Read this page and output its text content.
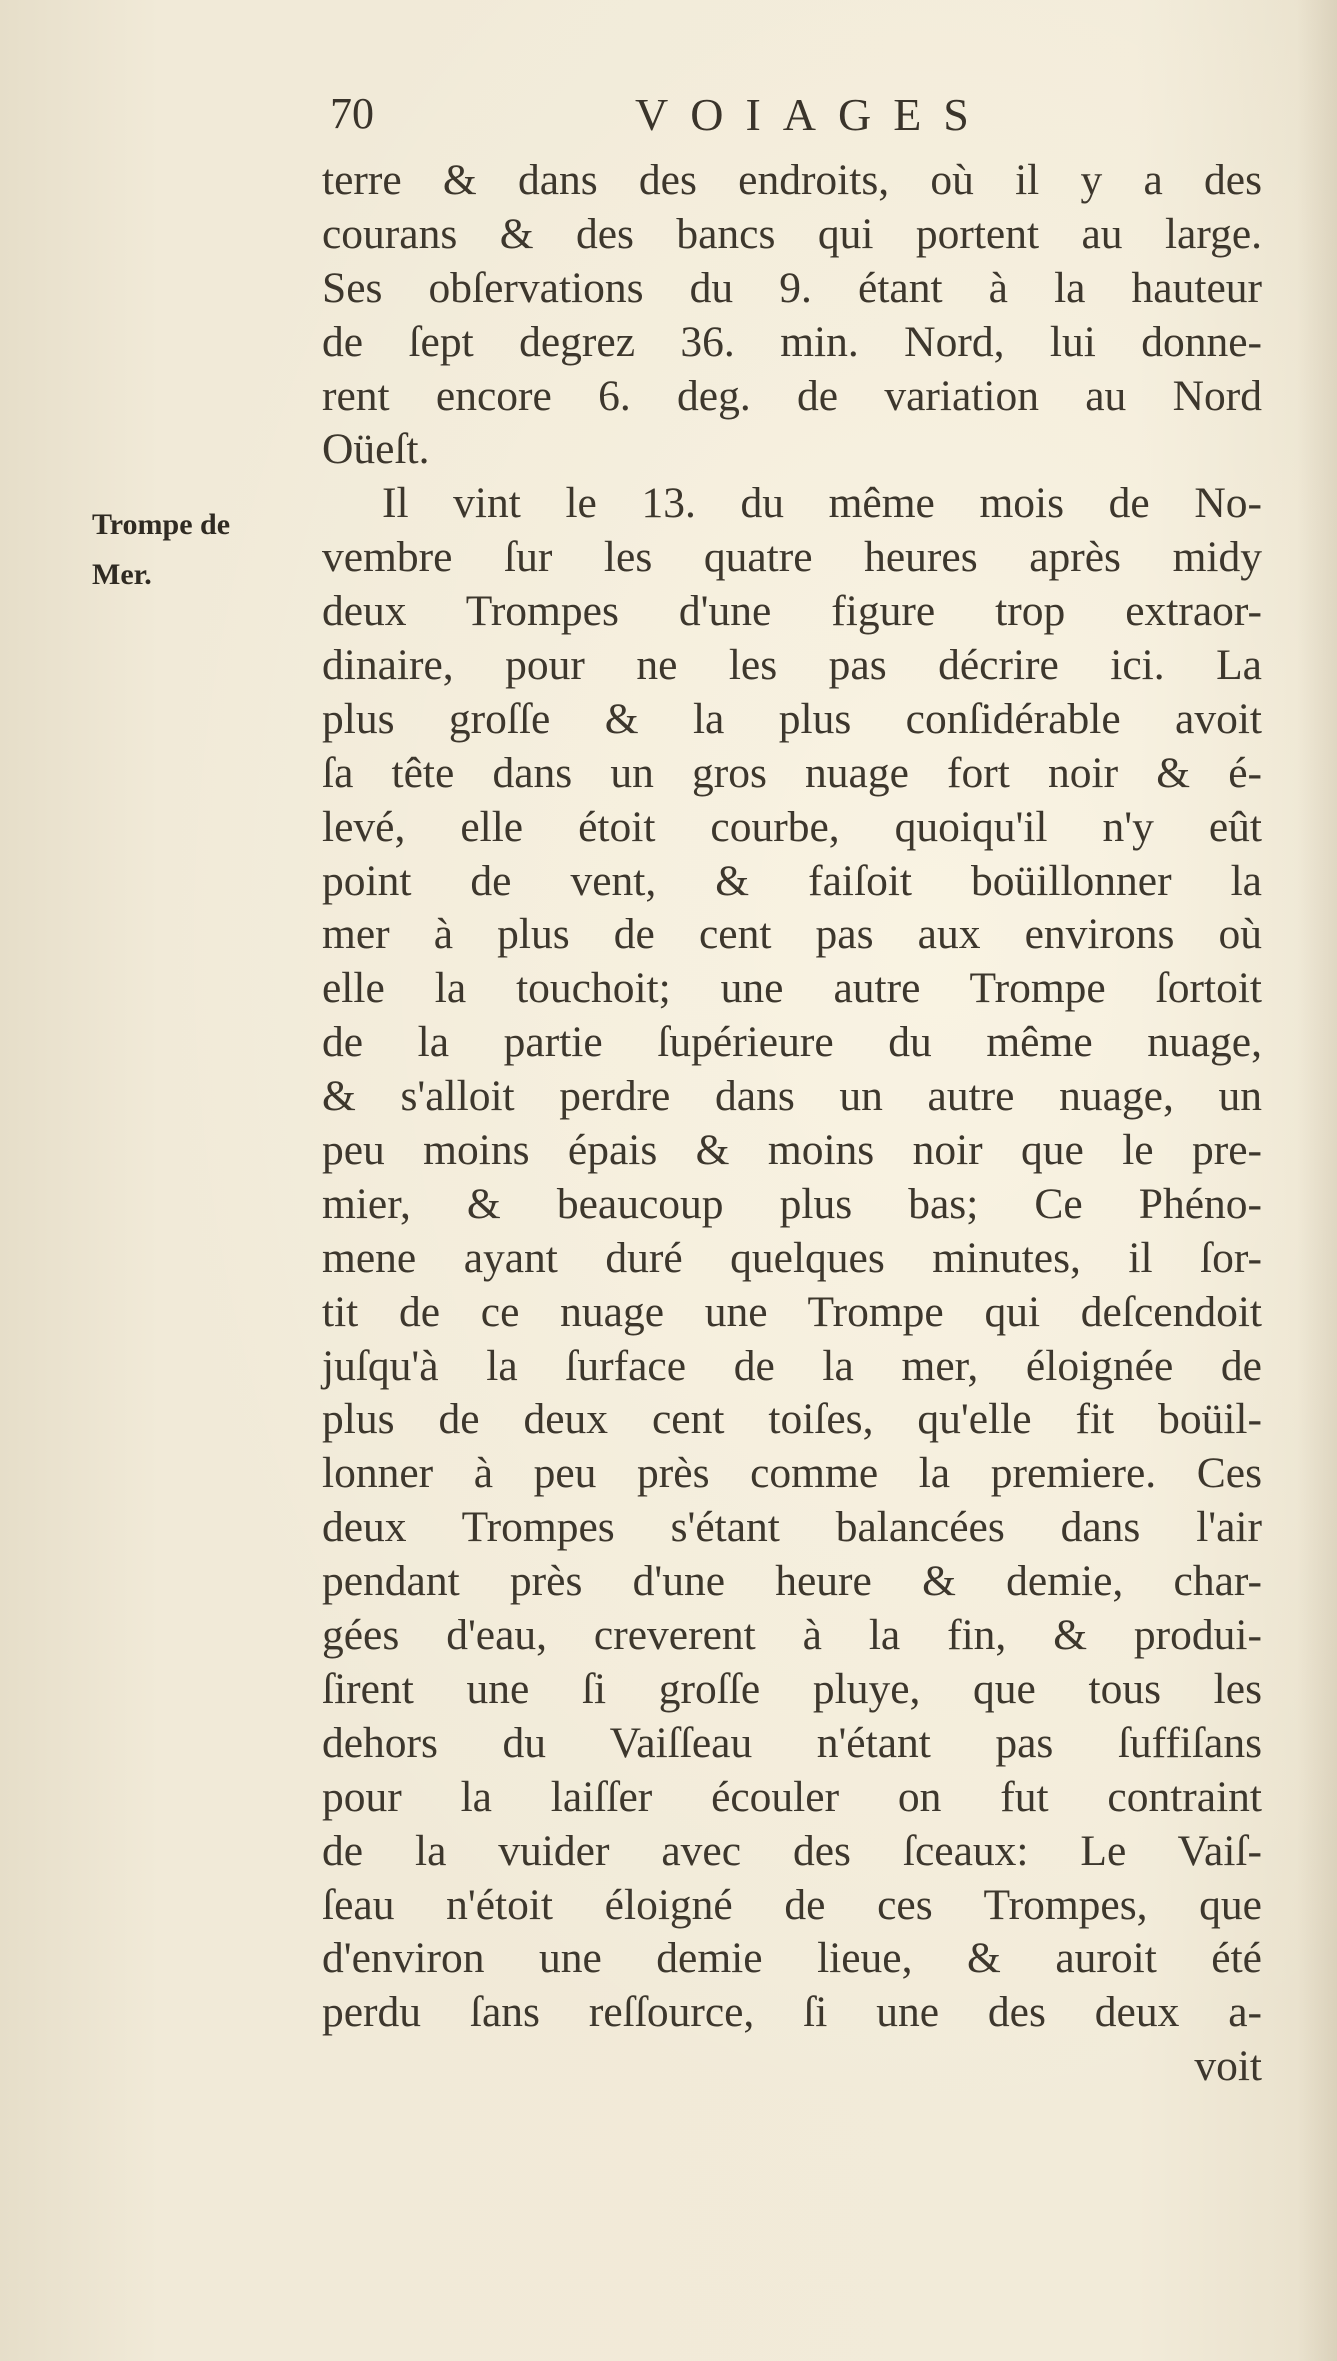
70	VOIAGES
Trompe de
Mer.
terre & dans des endroits, où il y a des
courans & des bancs qui portent au large.
Ses obſervations du 9. étant à la hauteur
de ſept degrez 36. min. Nord, lui donne-
rent encore 6. deg. de variation au Nord
Oüeſt.
Il vint le 13. du même mois de No-
vembre ſur les quatre heures après midy
deux Trompes d'une figure trop extraor-
dinaire, pour ne les pas décrire ici. La
plus groſſe & la plus conſidérable avoit
ſa tête dans un gros nuage fort noir & é-
levé, elle étoit courbe, quoiqu'il n'y eût
point de vent, & faiſoit boüillonner la
mer à plus de cent pas aux environs où
elle la touchoit; une autre Trompe ſortoit
de la partie ſupérieure du même nuage,
& s'alloit perdre dans un autre nuage, un
peu moins épais & moins noir que le pre-
mier, & beaucoup plus bas; Ce Phéno-
mene ayant duré quelques minutes, il ſor-
tit de ce nuage une Trompe qui deſcendoit
juſqu'à la ſurface de la mer, éloignée de
plus de deux cent toiſes, qu'elle fit boüil-
lonner à peu près comme la premiere. Ces
deux Trompes s'étant balancées dans l'air
pendant près d'une heure & demie, char-
gées d'eau, creverent à la fin, & produi-
ſirent une ſi groſſe pluye, que tous les
dehors du Vaiſſeau n'étant pas ſuffiſans
pour la laiſſer écouler on fut contraint
de la vuider avec des ſceaux: Le Vaiſ-
ſeau n'étoit éloigné de ces Trompes, que
d'environ une demie lieue, & auroit été
perdu ſans reſſource, ſi une des deux a-
voit
